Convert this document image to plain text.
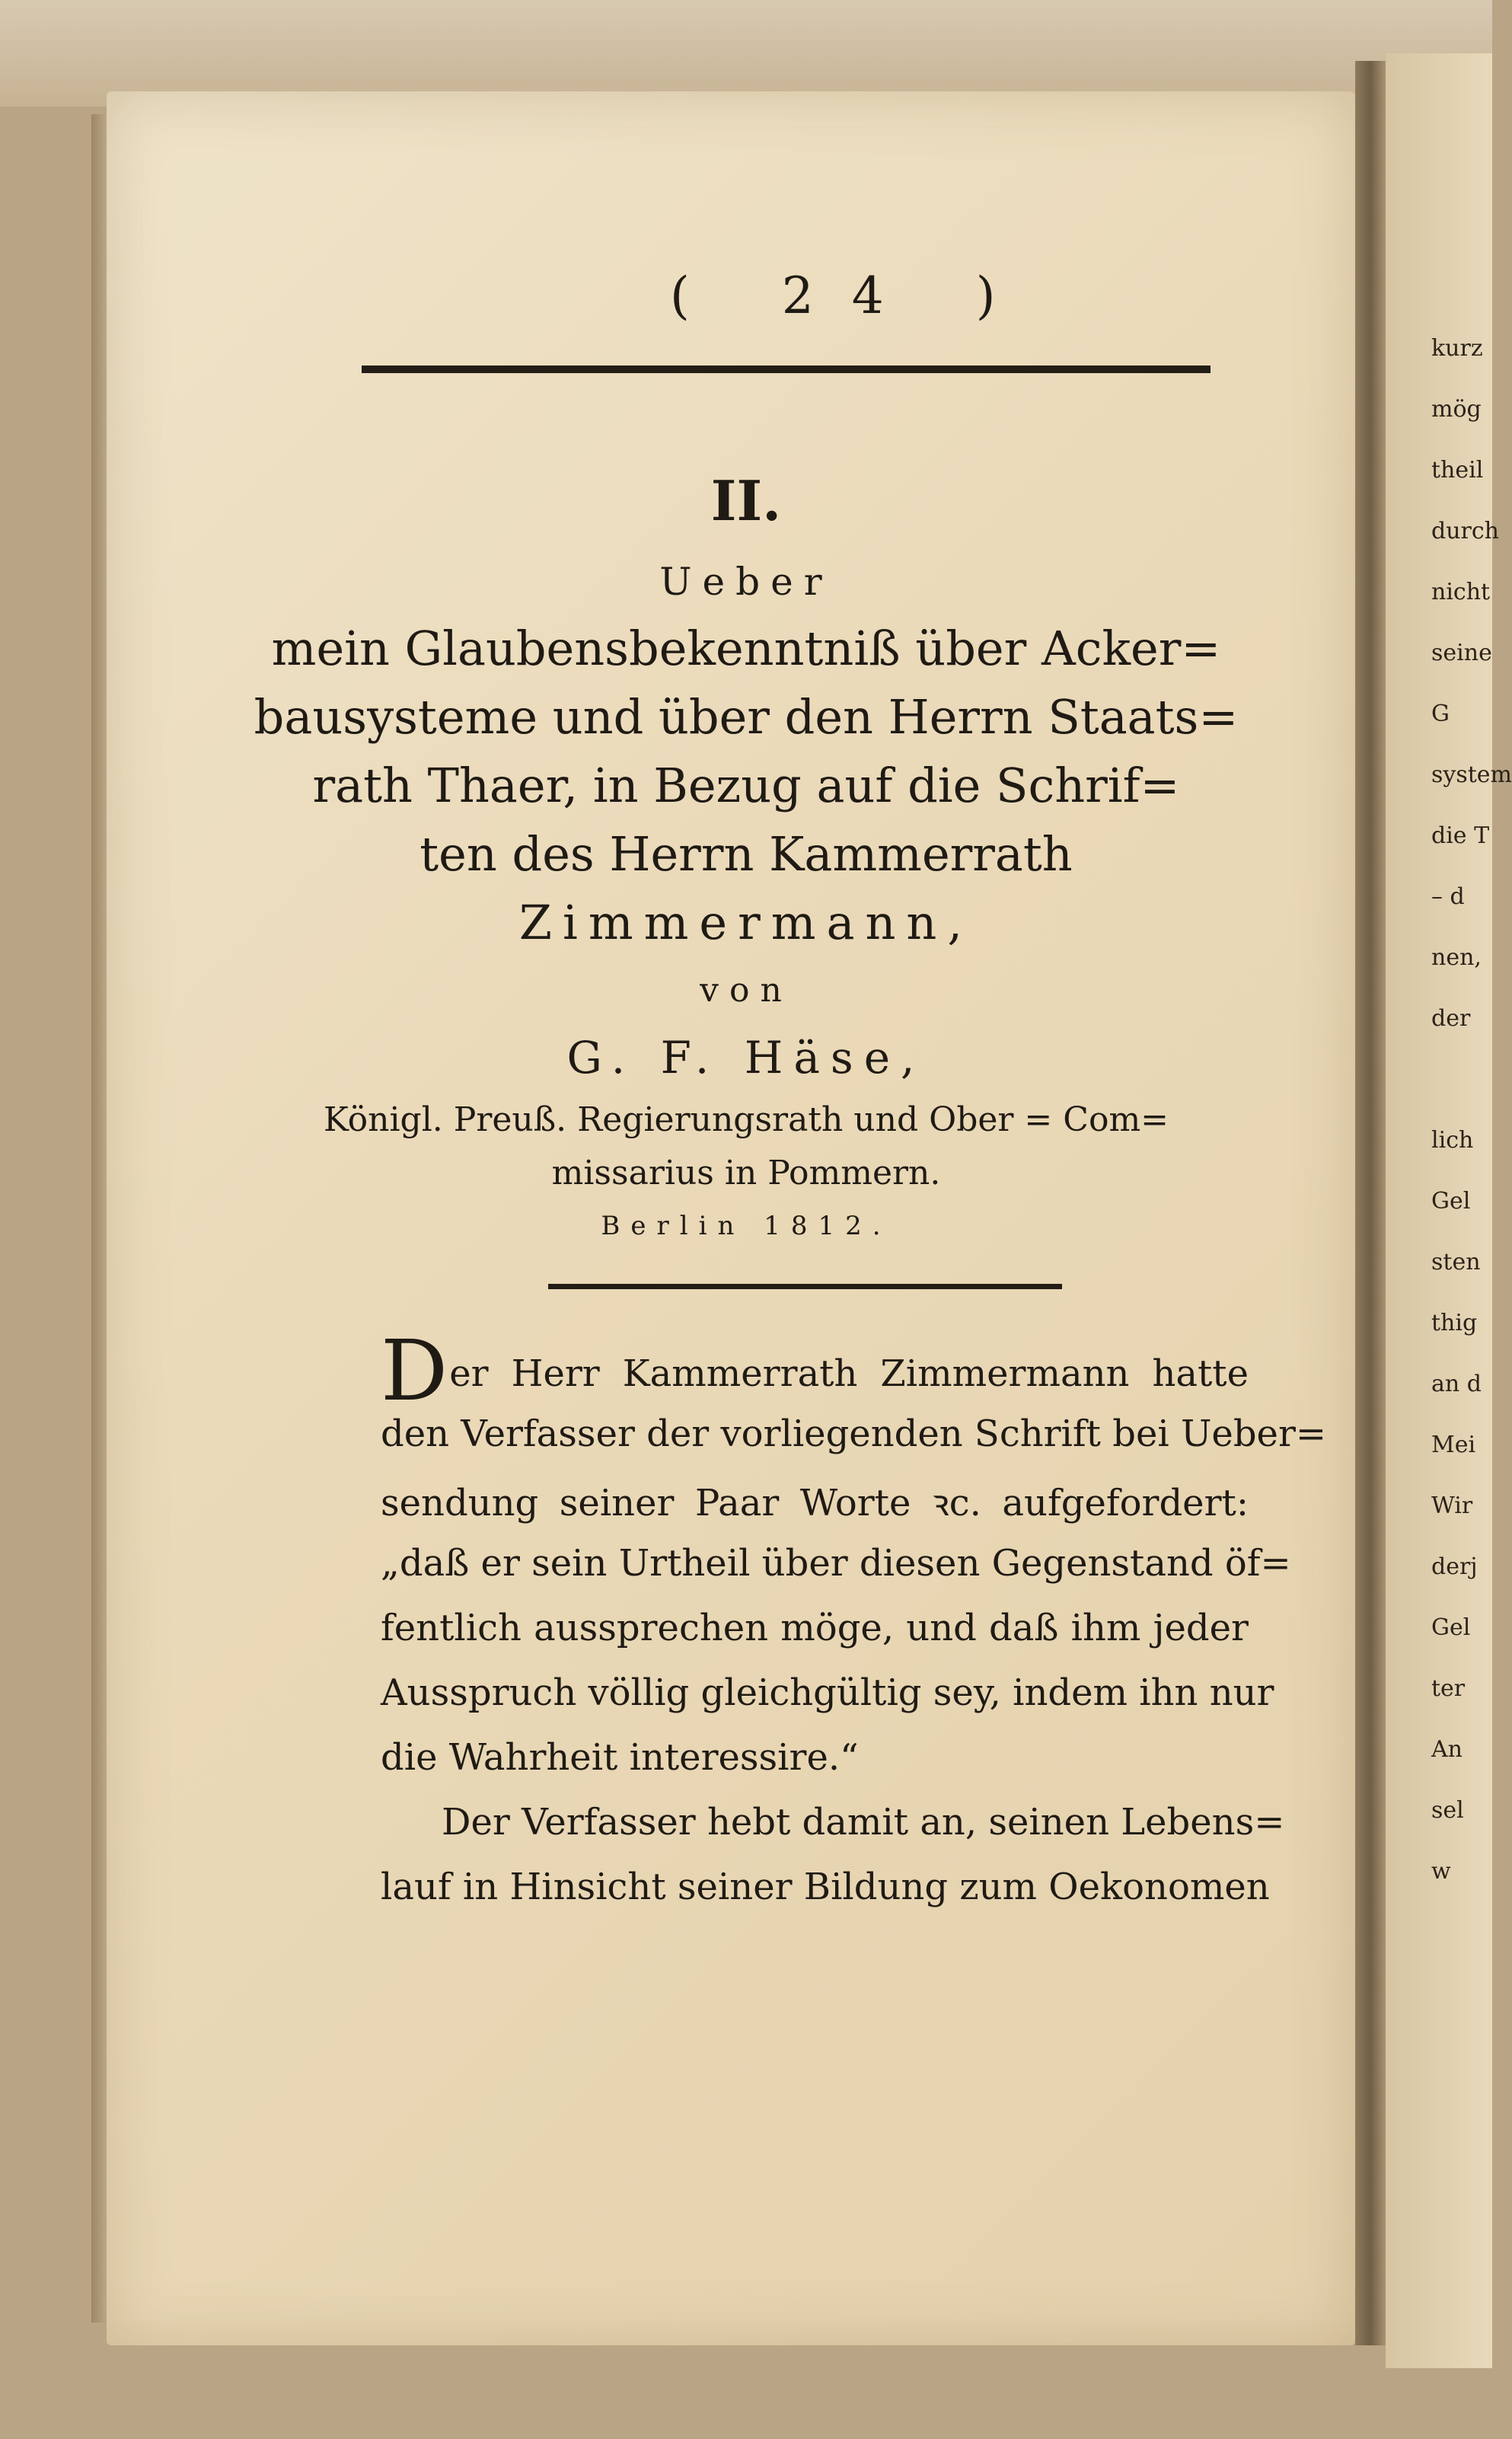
kurz
mög
theil
durch
nicht
seine
G
system
die T
– d
nen,
der
lich
Gel
sten
thig
an d
Mei
Wir
derj
Gel
ter
An
sel
w
( 24 )
II.
Ueber
mein Glaubensbekenntniß über Acker=
bausysteme und über den Herrn Staats=
rath Thaer, in Bezug auf die Schrif=
ten des Herrn Kammerrath
Zimmermann,
von
G. F. Häse,
Königl. Preuß. Regierungsrath und Ober = Com=
missarius in Pommern.
Berlin 1812.
Der Herr Kammerrath Zimmermann hatte
den Verfasser der vorliegenden Schrift bei Ueber=
sendung seiner Paar Worte ꝛc. aufgefordert:
„daß er sein Urtheil über diesen Gegenstand öf=
fentlich aussprechen möge, und daß ihm jeder
Ausspruch völlig gleichgültig sey, indem ihn nur
die Wahrheit interessire.“
Der Verfasser hebt damit an, seinen Lebens=
lauf in Hinsicht seiner Bildung zum Oekonomen
